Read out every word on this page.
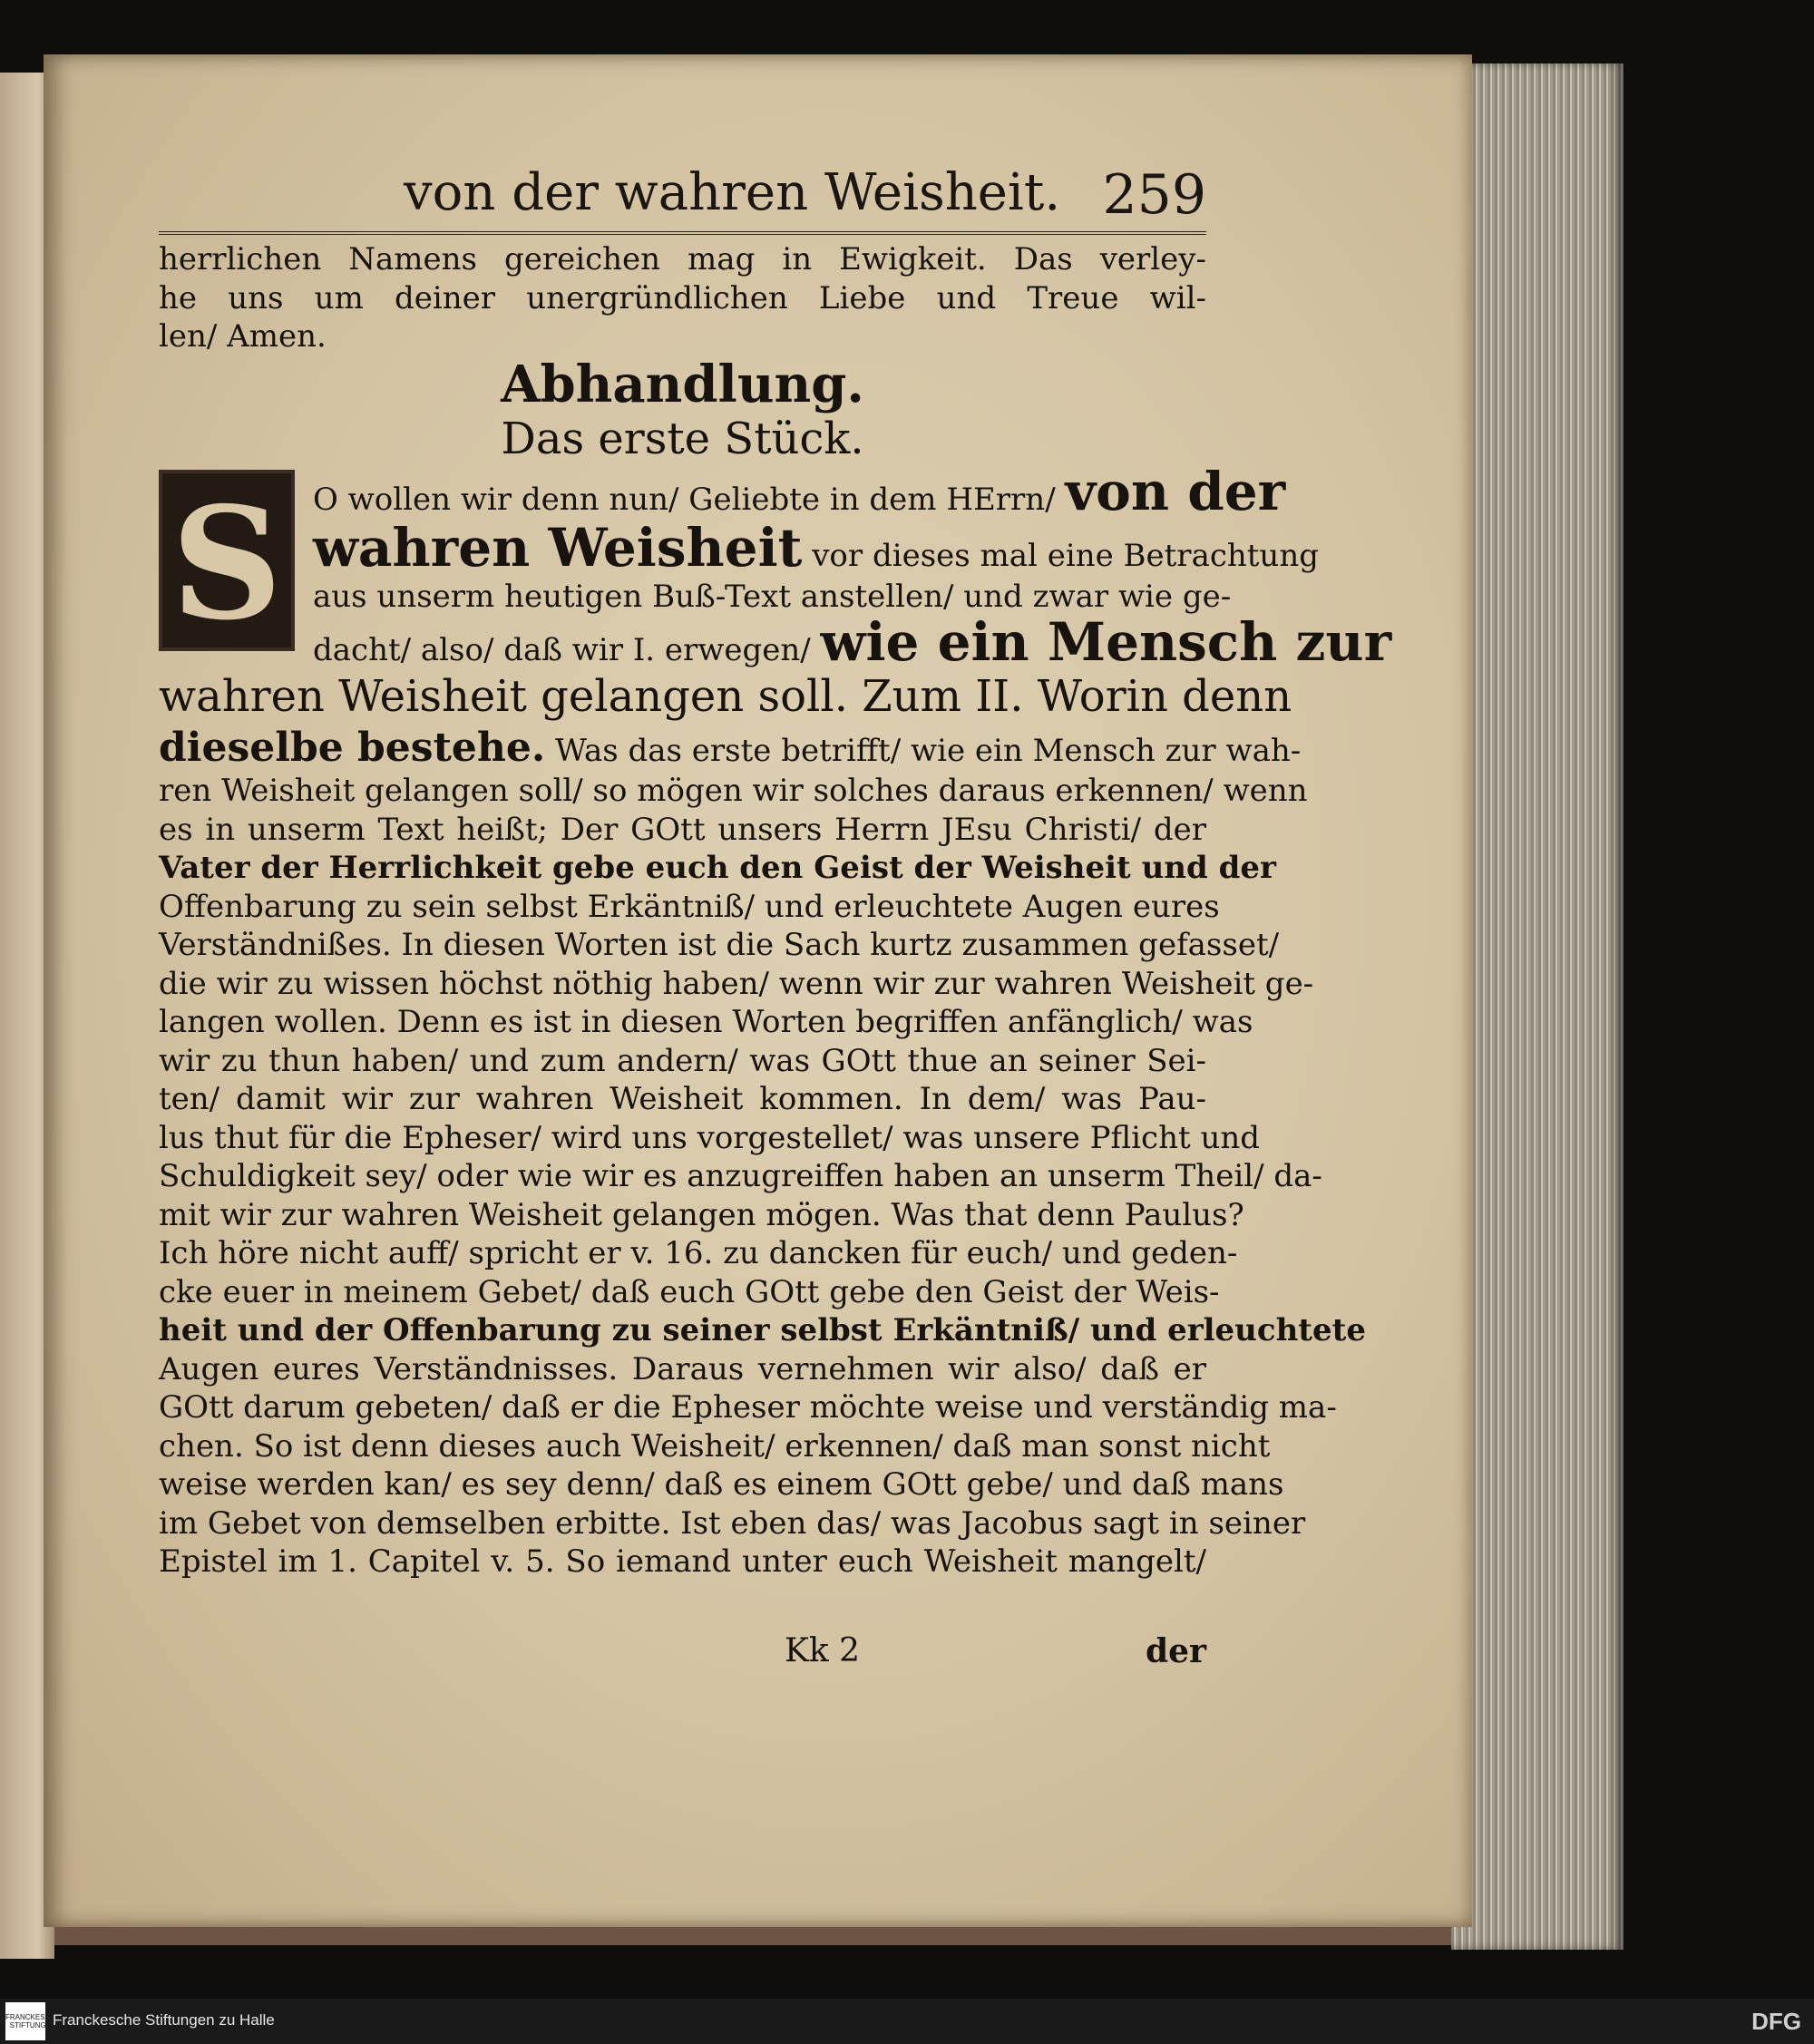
von der wahren Weisheit. 259
herrlichen Namens gereichen mag in Ewigkeit. Das verley-
he uns um deiner unergründlichen Liebe und Treue wil-
len/ Amen.
Abhandlung.
Das erste Stück.
S O wollen wir denn nun/ Geliebte in dem HErrn/ von der
wahren Weisheit vor dieses mal eine Betrachtung
aus unserm heutigen Buß-Text anstellen/ und zwar wie ge-
dacht/ also/ daß wir I. erwegen/ wie ein Mensch zur
wahren Weisheit gelangen soll. Zum II. Worin denn
dieselbe bestehe. Was das erste betrifft/ wie ein Mensch zur wah-
ren Weisheit gelangen soll/ so mögen wir solches daraus erkennen/ wenn
es in unserm Text heißt; Der GOtt unsers Herrn JEsu Christi/ der
Vater der Herrlichkeit gebe euch den Geist der Weisheit und der
Offenbarung zu sein selbst Erkäntniß/ und erleuchtete Augen eures
Verständnißes. In diesen Worten ist die Sach kurtz zusammen gefasset/
die wir zu wissen höchst nöthig haben/ wenn wir zur wahren Weisheit ge-
langen wollen. Denn es ist in diesen Worten begriffen anfänglich/ was
wir zu thun haben/ und zum andern/ was GOtt thue an seiner Sei-
ten/ damit wir zur wahren Weisheit kommen. In dem/ was Pau-
lus thut für die Epheser/ wird uns vorgestellet/ was unsere Pflicht und
Schuldigkeit sey/ oder wie wir es anzugreiffen haben an unserm Theil/ da-
mit wir zur wahren Weisheit gelangen mögen. Was that denn Paulus?
Ich höre nicht auff/ spricht er v. 16. zu dancken für euch/ und geden-
cke euer in meinem Gebet/ daß euch GOtt gebe den Geist der Weis-
heit und der Offenbarung zu seiner selbst Erkäntniß/ und erleuchtete
Augen eures Verständnisses. Daraus vernehmen wir also/ daß er
GOtt darum gebeten/ daß er die Epheser möchte weise und verständig ma-
chen. So ist denn dieses auch Weisheit/ erkennen/ daß man sonst nicht
weise werden kan/ es sey denn/ daß es einem GOtt gebe/ und daß mans
im Gebet von demselben erbitte. Ist eben das/ was Jacobus sagt in seiner
Epistel im 1. Capitel v. 5. So iemand unter euch Weisheit mangelt/
Kk 2	der
FRANCKESCHE STIFTUNGEN
Franckesche Stiftungen zu Halle	DFG
